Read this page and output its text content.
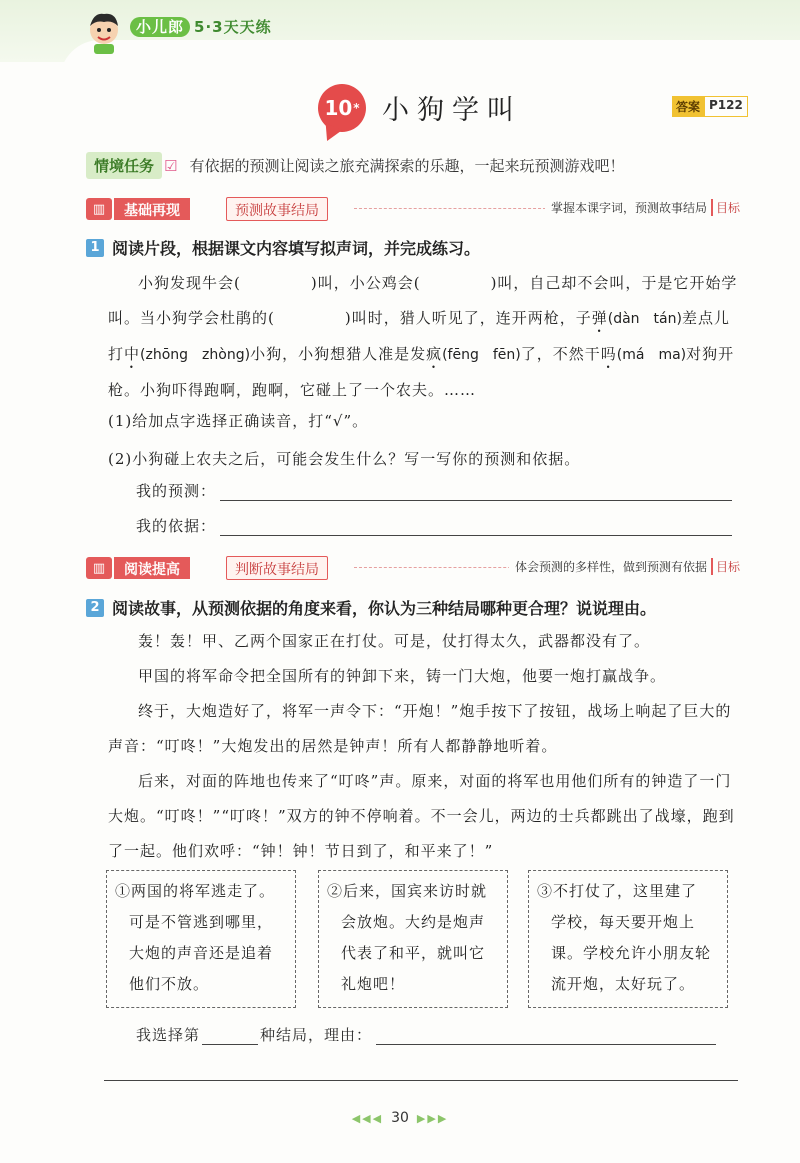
小儿郎 5·3天天练
10 * 小狗学叫	答案 P122
情境任务 ☑ 有依据的预测让阅读之旅充满探索的乐趣，一起来玩预测游戏吧！
▥	基础再现	预测故事结局	掌握本课字词，预测故事结局 目标
1 阅读片段，根据课文内容填写拟声词，并完成练习。

小狗发现牛会(	)叫，小公鸡会(	)叫，自己却不会叫，于是它开始学叫。当小狗学会杜鹃的(	)叫时，猎人听见了，连开两枪，子弹(dàn　tán)差点儿打中(zhōng　zhòng)小狗，小狗想猎人准是发疯(fēng　fēn)了，不然干吗(má　ma)对狗开枪。小狗吓得跑啊，跑啊，它碰上了一个农夫。……

(1)给加点字选择正确读音，打“√”。
(2)小狗碰上农夫之后，可能会发生什么？写一写你的预测和依据。
我的预测：
我的依据：
▥	阅读提高	判断故事结局	体会预测的多样性，做到预测有依据 目标
2 阅读故事，从预测依据的角度来看，你认为三种结局哪种更合理？说说理由。

轰！轰！甲、乙两个国家正在打仗。可是，仗打得太久，武器都没有了。

甲国的将军命令把全国所有的钟卸下来，铸一门大炮，他要一炮打赢战争。

终于，大炮造好了，将军一声令下：“开炮！”炮手按下了按钮，战场上响起了巨大的声音：“叮咚！”大炮发出的居然是钟声！所有人都静静地听着。

后来，对面的阵地也传来了“叮咚”声。原来，对面的将军也用他们所有的钟造了一门大炮。“叮咚！”“叮咚！”双方的钟不停响着。不一会儿，两边的士兵都跳出了战壕，跑到了一起。他们欢呼：“钟！钟！节日到了，和平来了！”

①两国的将军逃走了。
可是不管逃到哪里，大炮的声音还是追着他们不放。
②后来，国宾来访时就
会放炮。大约是炮声代表了和平，就叫它礼炮吧！
③不打仗了，这里建了
学校，每天要开炮上课。学校允许小朋友轮流开炮，太好玩了。
我选择第	种结局，理由：
◀◀◀ 30 ▶▶▶
